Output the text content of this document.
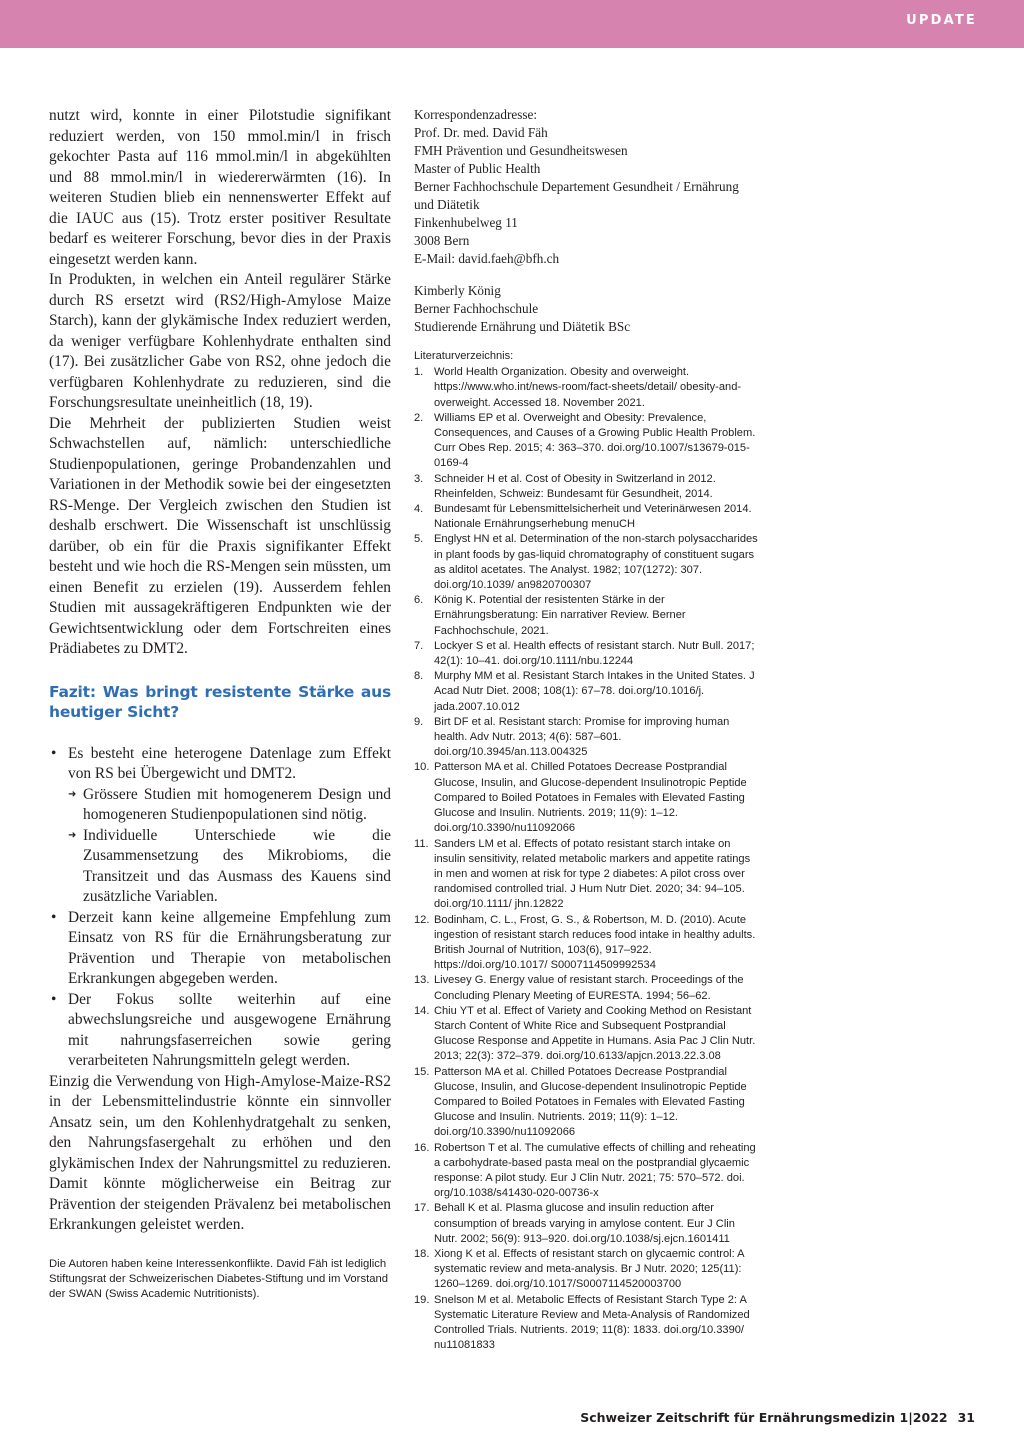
UPDATE

nutzt wird, konnte in einer Pilotstudie signifikant reduziert werden, von 150 mmol.min/l in frisch gekochter Pasta auf 116 mmol.min/l in abgekühlten und 88 mmol.min/l in wiedererwärmten (16). In weiteren Studien blieb ein nennenswerter Effekt auf die IAUC aus (15). Trotz erster positiver Resultate bedarf es weiterer Forschung, bevor dies in der Praxis eingesetzt werden kann.

In Produkten, in welchen ein Anteil regulärer Stärke durch RS ersetzt wird (RS2/High-Amylose Maize Starch), kann der glykämische Index reduziert werden, da weniger verfügbare Kohlenhydrate enthalten sind (17). Bei zusätzlicher Gabe von RS2, ohne jedoch die verfügbaren Kohlenhydrate zu reduzieren, sind die Forschungsresultate uneinheitlich (18, 19).

Die Mehrheit der publizierten Studien weist Schwachstellen auf, nämlich: unterschiedliche Studienpopulationen, geringe Probandenzahlen und Variationen in der Methodik sowie bei der eingesetzten RS-Menge. Der Vergleich zwischen den Studien ist deshalb erschwert. Die Wissenschaft ist unschlüssig darüber, ob ein für die Praxis signifikanter Effekt besteht und wie hoch die RS-Mengen sein müssten, um einen Benefit zu erzielen (19). Ausserdem fehlen Studien mit aussagekräftigeren Endpunkten wie der Gewichtsentwicklung oder dem Fortschreiten eines Prädiabetes zu DMT2.

Fazit: Was bringt resistente Stärke aus heutiger Sicht?
• Es besteht eine heterogene Datenlage zum Effekt von RS bei Übergewicht und DMT2.
➜ Grössere Studien mit homogenerem Design und homogeneren Studienpopulationen sind nötig.
➜ Individuelle Unterschiede wie die Zusammensetzung des Mikrobioms, die Transitzeit und das Ausmass des Kauens sind zusätzliche Variablen.
• Derzeit kann keine allgemeine Empfehlung zum Einsatz von RS für die Ernährungsberatung zur Prävention und Therapie von metabolischen Erkrankungen abgegeben werden.
• Der Fokus sollte weiterhin auf eine abwechslungsreiche und ausgewogene Ernährung mit nahrungsfaserreichen sowie gering verarbeiteten Nahrungsmitteln gelegt werden.

Einzig die Verwendung von High-Amylose-Maize-RS2 in der Lebensmittelindustrie könnte ein sinnvoller Ansatz sein, um den Kohlenhydratgehalt zu senken, den Nahrungsfasergehalt zu erhöhen und den glykämischen Index der Nahrungsmittel zu reduzieren. Damit könnte möglicherweise ein Beitrag zur Prävention der steigenden Prävalenz bei metabolischen Erkrankungen geleistet werden.

Die Autoren haben keine Interessenkonflikte. David Fäh ist lediglich Stiftungsrat der Schweizerischen Diabetes-Stiftung und im Vorstand der SWAN (Swiss Academic Nutritionists).
Korrespondenzadresse:
Prof. Dr. med. David Fäh
FMH Prävention und Gesundheitswesen
Master of Public Health
Berner Fachhochschule Departement Gesundheit / Ernährung
und Diätetik
Finkenhubelweg 11
3008 Bern
E-Mail: david.faeh@bfh.ch
Kimberly König
Berner Fachhochschule
Studierende Ernährung und Diätetik BSc
Literaturverzeichnis:
1. World Health Organization. Obesity and overweight. https://www.who.int/news-room/fact-sheets/detail/ obesity-and-overweight. Accessed 18. November 2021.
2. Williams EP et al. Overweight and Obesity: Prevalence, Consequences, and Causes of a Growing Public Health Problem. Curr Obes Rep. 2015; 4: 363–370. doi.org/10.1007/s13679-015-0169-4
3. Schneider H et al. Cost of Obesity in Switzerland in 2012. Rheinfelden, Schweiz: Bundesamt für Gesundheit, 2014.
4. Bundesamt für Lebensmittelsicherheit und Veterinärwesen 2014. Nationale Ernährungserhebung menuCH
5. Englyst HN et al. Determination of the non-starch polysaccharides in plant foods by gas-liquid chromatography of constituent sugars as alditol acetates. The Analyst. 1982; 107(1272): 307. doi.org/10.1039/ an9820700307
6. König K. Potential der resistenten Stärke in der Ernährungsberatung: Ein narrativer Review. Berner Fachhochschule, 2021.
7. Lockyer S et al. Health effects of resistant starch. Nutr Bull. 2017; 42(1): 10–41. doi.org/10.1111/nbu.12244
8. Murphy MM et al. Resistant Starch Intakes in the United States. J Acad Nutr Diet. 2008; 108(1): 67–78. doi.org/10.1016/j. jada.2007.10.012
9. Birt DF et al. Resistant starch: Promise for improving human health. Adv Nutr. 2013; 4(6): 587–601. doi.org/10.3945/an.113.004325
10. Patterson MA et al. Chilled Potatoes Decrease Postprandial Glucose, Insulin, and Glucose-dependent Insulinotropic Peptide Compared to Boiled Potatoes in Females with Elevated Fasting Glucose and Insulin. Nutrients. 2019; 11(9): 1–12. doi.org/10.3390/nu11092066
11. Sanders LM et al. Effects of potato resistant starch intake on insulin sensitivity, related metabolic markers and appetite ratings in men and women at risk for type 2 diabetes: A pilot cross over randomised controlled trial. J Hum Nutr Diet. 2020; 34: 94–105. doi.org/10.1111/ jhn.12822
12. Bodinham, C. L., Frost, G. S., & Robertson, M. D. (2010). Acute ingestion of resistant starch reduces food intake in healthy adults. British Journal of Nutrition, 103(6), 917–922. https://doi.org/10.1017/ S0007114509992534
13. Livesey G. Energy value of resistant starch. Proceedings of the Concluding Plenary Meeting of EURESTA. 1994; 56–62.
14. Chiu YT et al. Effect of Variety and Cooking Method on Resistant Starch Content of White Rice and Subsequent Postprandial Glucose Response and Appetite in Humans. Asia Pac J Clin Nutr. 2013; 22(3): 372–379. doi.org/10.6133/apjcn.2013.22.3.08
15. Patterson MA et al. Chilled Potatoes Decrease Postprandial Glucose, Insulin, and Glucose-dependent Insulinotropic Peptide Compared to Boiled Potatoes in Females with Elevated Fasting Glucose and Insulin. Nutrients. 2019; 11(9): 1–12. doi.org/10.3390/nu11092066
16. Robertson T et al. The cumulative effects of chilling and reheating a carbohydrate-based pasta meal on the postprandial glycaemic response: A pilot study. Eur J Clin Nutr. 2021; 75: 570–572. doi. org/10.1038/s41430-020-00736-x
17. Behall K et al. Plasma glucose and insulin reduction after consumption of breads varying in amylose content. Eur J Clin Nutr. 2002; 56(9): 913–920. doi.org/10.1038/sj.ejcn.1601411
18. Xiong K et al. Effects of resistant starch on glycaemic control: A systematic review and meta-analysis. Br J Nutr. 2020; 125(11): 1260–1269. doi.org/10.1017/S0007114520003700
19. Snelson M et al. Metabolic Effects of Resistant Starch Type 2: A Systematic Literature Review and Meta-Analysis of Randomized Controlled Trials. Nutrients. 2019; 11(8): 1833. doi.org/10.3390/ nu11081833
Schweizer Zeitschrift für Ernährungsmedizin 1|2022 31
